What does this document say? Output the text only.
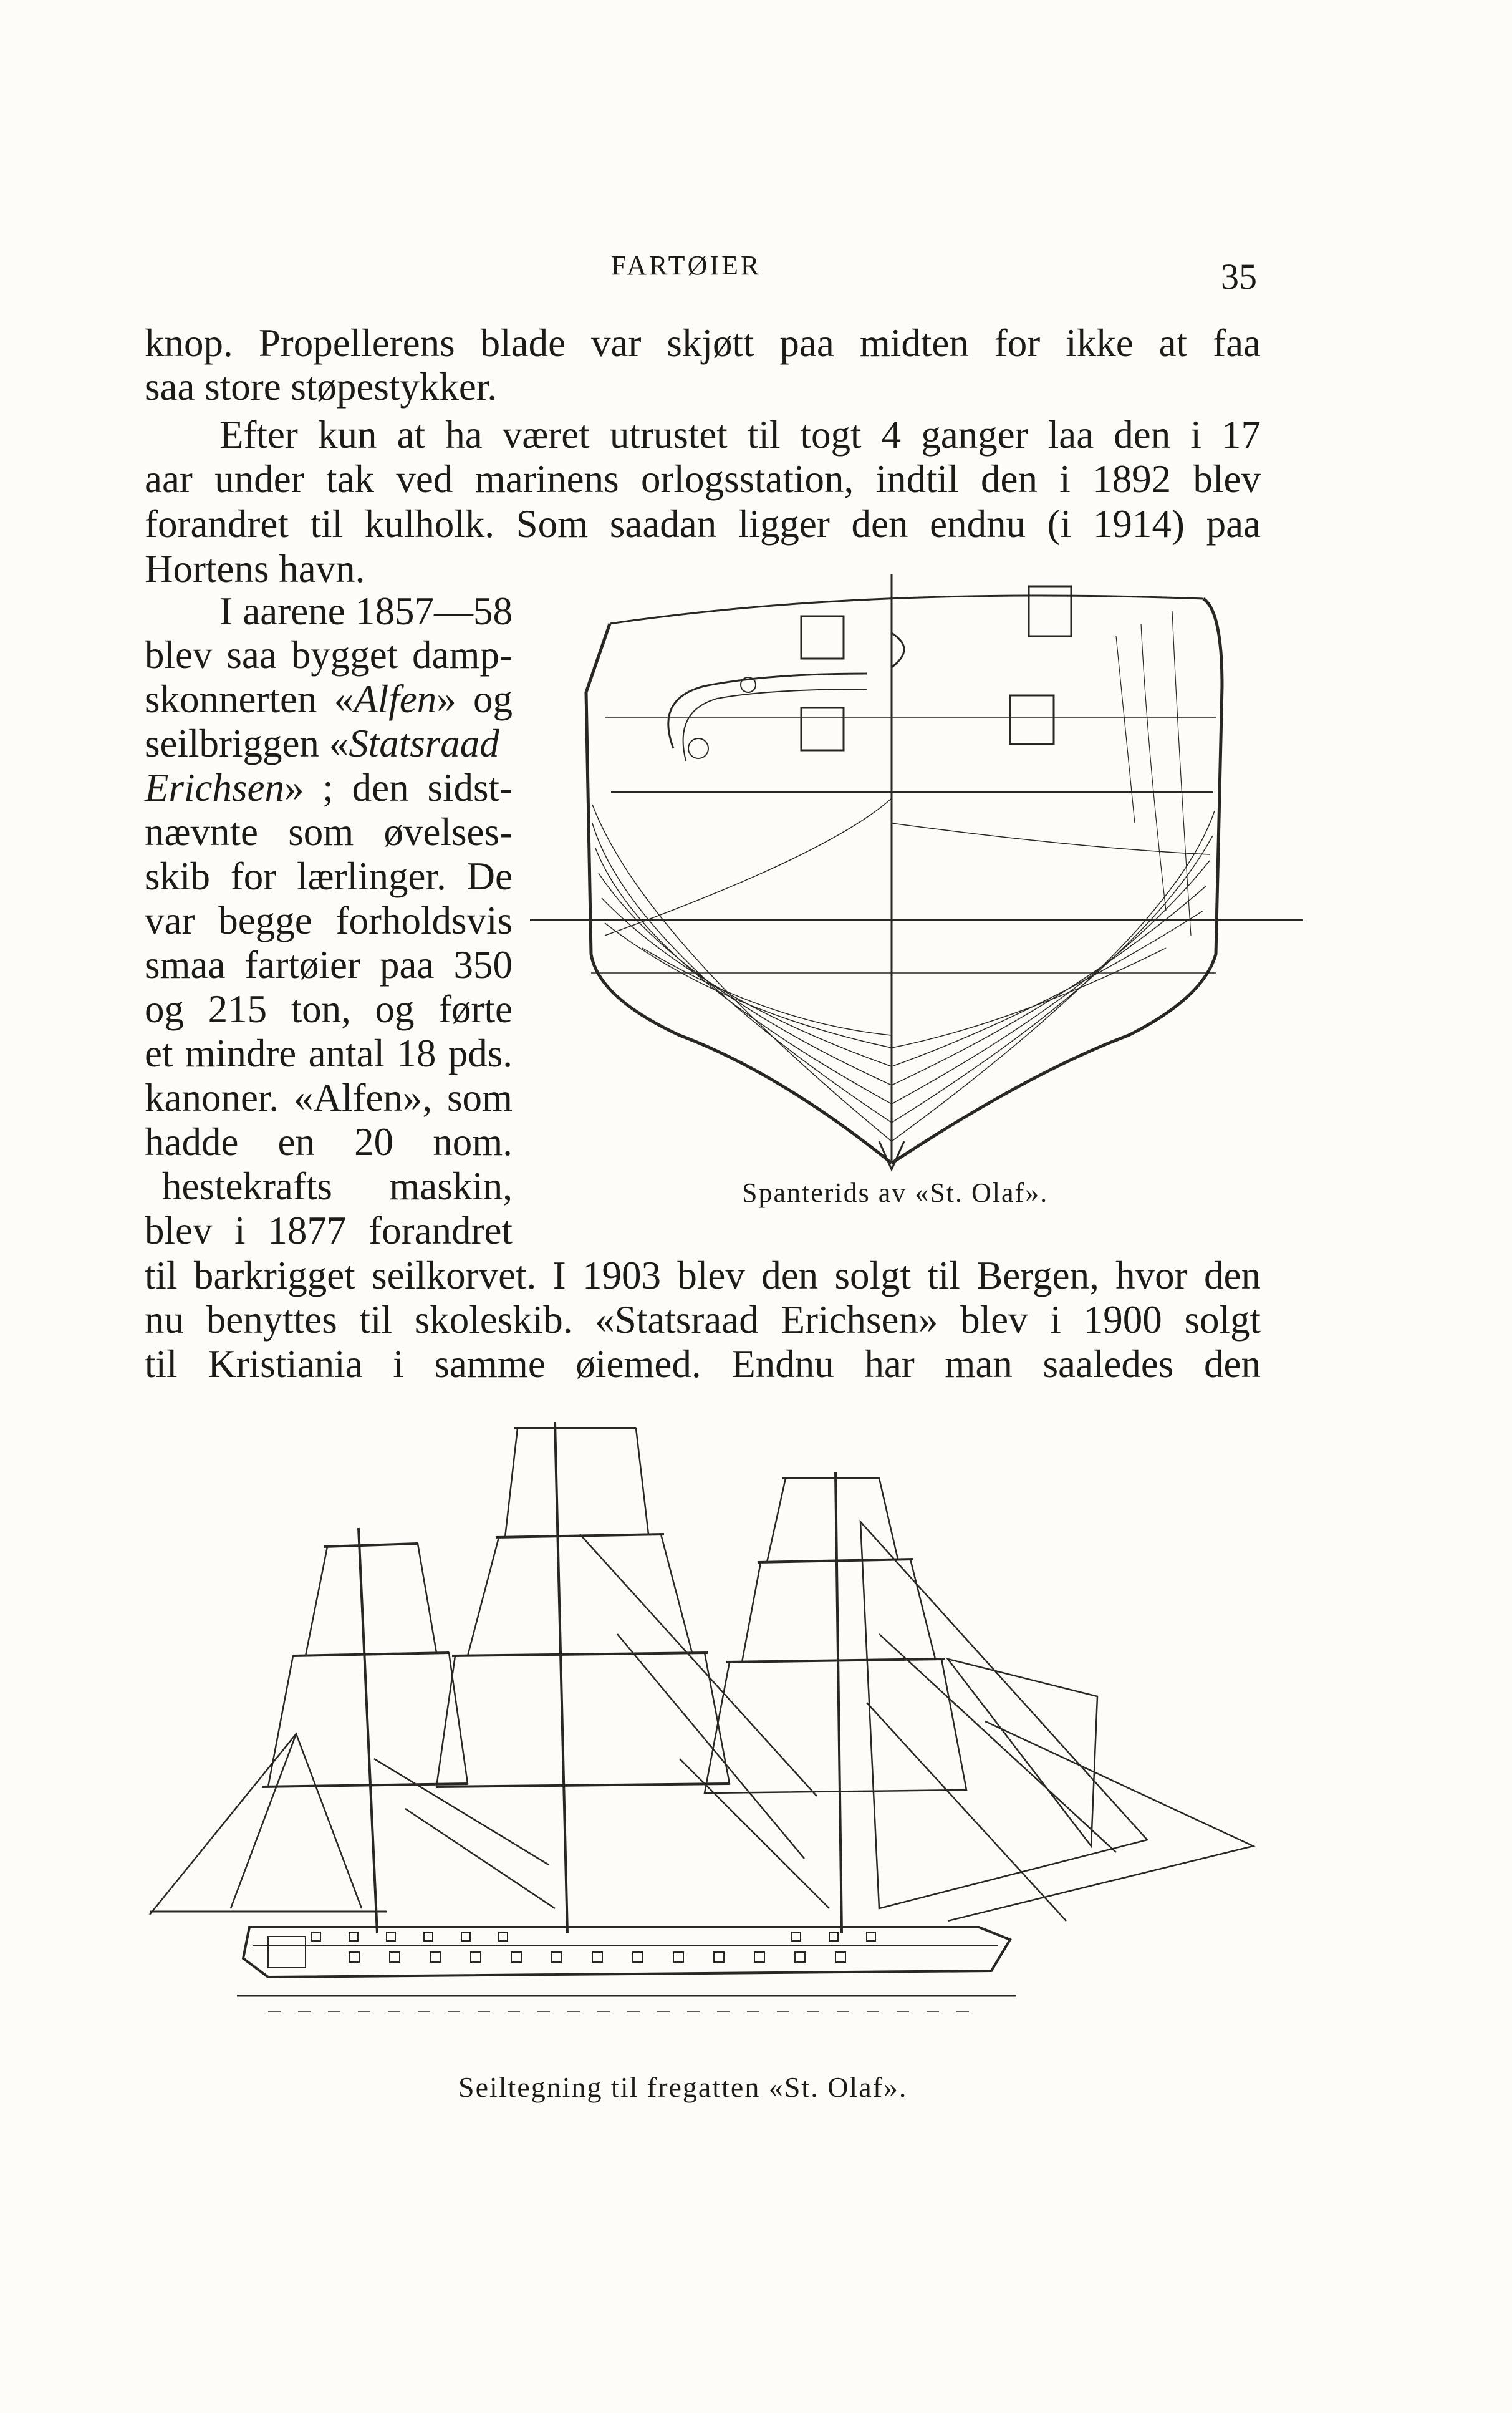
FARTØIER	35
knop. Propellerens blade var skjøtt paa midten for ikke at faa
saa store støpestykker.
Efter kun at ha været utrustet til togt 4 ganger laa den i 17
aar under tak ved marinens orlogsstation, indtil den i 1892 blev
forandret til kulholk. Som saadan ligger den endnu (i 1914) paa
Hortens havn.
I aarene 1857—58
blev saa bygget damp-
skonnerten «Alfen» og
seilbriggen «Statsraad
Erichsen» ; den sidst-
nævnte som øvelses-
skib for lærlinger. De
var begge forholdsvis
smaa fartøier paa 350
og 215 ton, og førte
et mindre antal 18 pds.
kanoner. «Alfen», som
hadde en 20 nom.
hestekrafts maskin,
blev i 1877 forandret
til barkrigget seilkorvet. I 1903 blev den solgt til Bergen, hvor den
nu benyttes til skoleskib. «Statsraad Erichsen» blev i 1900 solgt
til Kristiania i samme øiemed. Endnu har man saaledes den
Spanterids av «St. Olaf».
Seiltegning til fregatten «St. Olaf».
